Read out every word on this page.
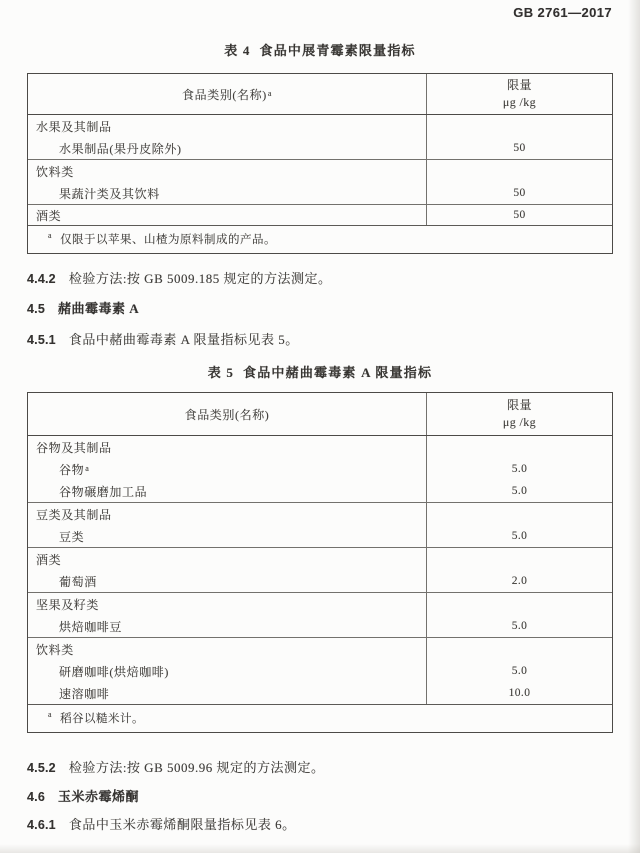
GB 2761—2017
表 4  食品中展青霉素限量指标
食品类别(名称) a
限量
μg /kg
水果及其制品
水果制品(果丹皮除外)	50
饮料类
果蔬汁类及其饮料	50
酒类	50
$^a$ 仅限于以苹果、山楂为原料制成的产品。
4.4.2 检验方法:按 GB 5009.185 规定的方法测定。
4.5 赭曲霉毒素 A
4.5.1 食品中赭曲霉毒素 A 限量指标见表 5。
表 5  食品中赭曲霉毒素 A 限量指标
食品类别(名称)
限量
μg /kg
谷物及其制品
谷物 a	5.0
谷物碾磨加工品	5.0
豆类及其制品
豆类	5.0
酒类
葡萄酒	2.0
坚果及籽类
烘焙咖啡豆	5.0
饮料类
研磨咖啡(烘焙咖啡)	5.0
速溶咖啡	10.0
$^a$ 稻谷以糙米计。
4.5.2 检验方法:按 GB 5009.96 规定的方法测定。
4.6 玉米赤霉烯酮
4.6.1 食品中玉米赤霉烯酮限量指标见表 6。
